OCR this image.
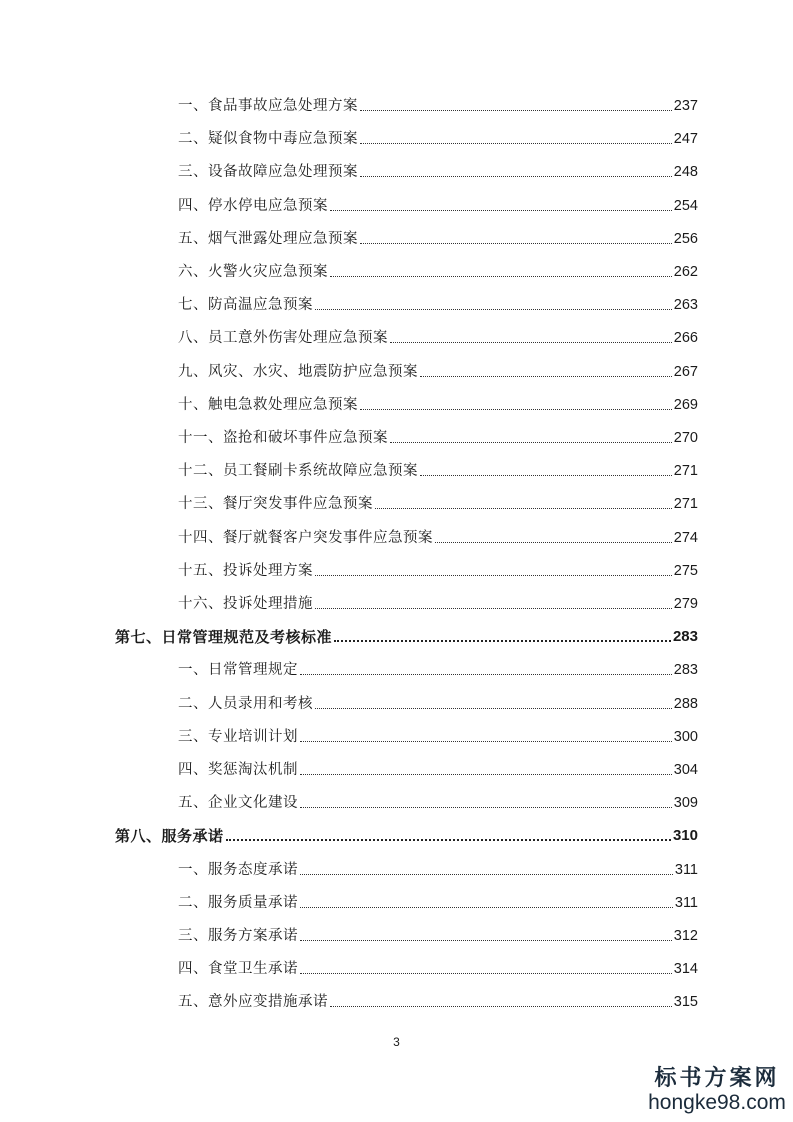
一、食品事故应急处理方案	237
二、疑似食物中毒应急预案	247
三、设备故障应急处理预案	248
四、停水停电应急预案	254
五、烟气泄露处理应急预案	256
六、火警火灾应急预案	262
七、防高温应急预案	263
八、员工意外伤害处理应急预案	266
九、风灾、水灾、地震防护应急预案	267
十、触电急救处理应急预案	269
十一、盗抢和破坏事件应急预案	270
十二、员工餐刷卡系统故障应急预案	271
十三、餐厅突发事件应急预案	271
十四、餐厅就餐客户突发事件应急预案	274
十五、投诉处理方案	275
十六、投诉处理措施	279
第七、日常管理规范及考核标准	283
一、日常管理规定	283
二、人员录用和考核	288
三、专业培训计划	300
四、奖惩淘汰机制	304
五、企业文化建设	309
第八、服务承诺	310
一、服务态度承诺	311
二、服务质量承诺	311
三、服务方案承诺	312
四、食堂卫生承诺	314
五、意外应变措施承诺	315
3
标书方案网
hongke98.com
